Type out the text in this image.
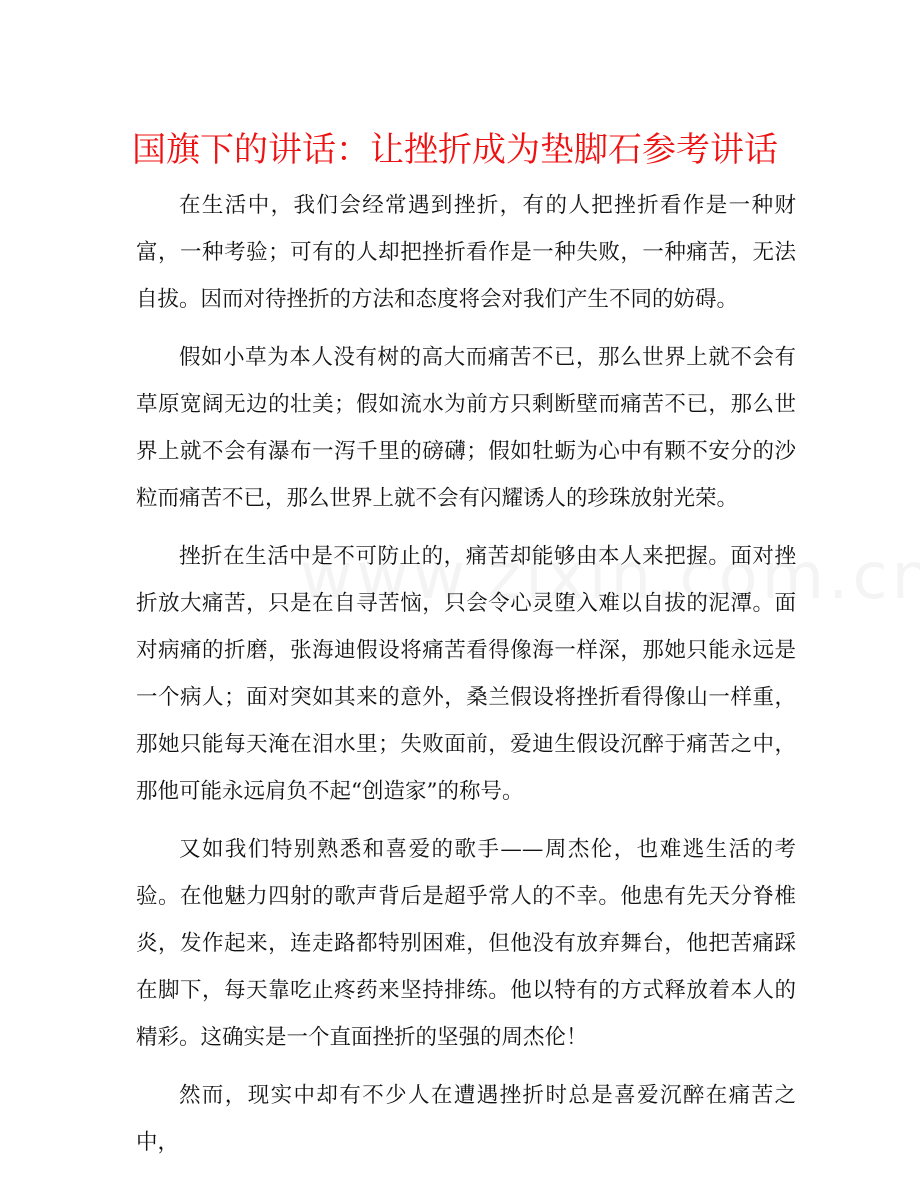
国旗下的讲话：让挫折成为垫脚石参考讲话

在生活中，我们会经常遇到挫折，有的人把挫折看作是一种财富，一种考验；可有的人却把挫折看作是一种失败，一种痛苦，无法自拔。因而对待挫折的方法和态度将会对我们产生不同的妨碍。

假如小草为本人没有树的高大而痛苦不已，那么世界上就不会有草原宽阔无边的壮美；假如流水为前方只剩断壁而痛苦不已，那么世界上就不会有瀑布一泻千里的磅礴；假如牡蛎为心中有颗不安分的沙粒而痛苦不已，那么世界上就不会有闪耀诱人的珍珠放射光荣。

挫折在生活中是不可防止的，痛苦却能够由本人来把握。面对挫折放大痛苦，只是在自寻苦恼，只会令心灵堕入难以自拔的泥潭。面对病痛的折磨，张海迪假设将痛苦看得像海一样深，那她只能永远是一个病人；面对突如其来的意外，桑兰假设将挫折看得像山一样重，那她只能每天淹在泪水里；失败面前，爱迪生假设沉醉于痛苦之中，那他可能永远肩负不起“创造家”的称号。

又如我们特别熟悉和喜爱的歌手——周杰伦，也难逃生活的考验。在他魅力四射的歌声背后是超乎常人的不幸。他患有先天分脊椎炎，发作起来，连走路都特别困难，但他没有放弃舞台，他把苦痛踩在脚下，每天靠吃止疼药来坚持排练。他以特有的方式释放着本人的精彩。这确实是一个直面挫折的坚强的周杰伦！

然而，现实中却有不少人在遭遇挫折时总是喜爱沉醉在痛苦之中，
